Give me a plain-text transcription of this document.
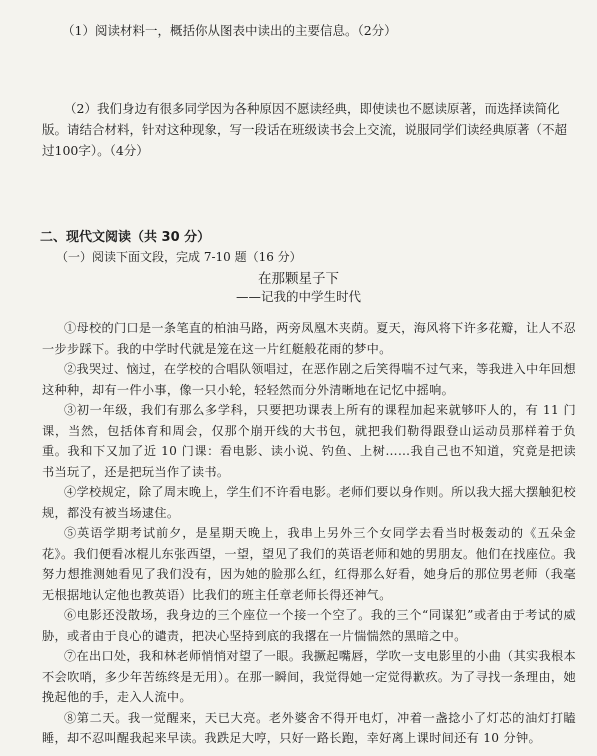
（1）阅读材料一，概括你从图表中读出的主要信息。（2分）
（2）我们身边有很多同学因为各种原因不愿读经典，即使读也不愿读原著，而选择读简化版。请结合材料，针对这种现象，写一段话在班级读书会上交流，说服同学们读经典原著（不超过100字）。（4分）
二、现代文阅读（共 30 分）
（一）阅读下面文段，完成 7-10 题（16 分）
在那颗星子下
——记我的中学生时代

①母校的门口是一条笔直的柏油马路，两旁凤凰木夹荫。夏天，海风将下许多花瓣，让人不忍一步步踩下。我的中学时代就是笼在这一片红艇般花雨的梦中。

②我哭过、恼过，在学校的合唱队领唱过，在恶作剧之后笑得喘不过气来，等我进入中年回想这种种，却有一件小事，像一只小轮，轻轻然而分外清晰地在记忆中摇响。

③初一年级，我们有那么多学科，只要把功课表上所有的课程加起来就够吓人的，有 11 门课，当然，包括体育和周会，仅那个崩开线的大书包，就把我们勒得跟登山运动员那样着于负重。我和下又加了近 10 门课：看电影、读小说、钓鱼、上树……我自己也不知道，究竟是把读书当玩了，还是把玩当作了读书。

④学校规定，除了周末晚上，学生们不许看电影。老师们要以身作则。所以我大摇大摆触犯校规，都没有被当场逮住。

⑤英语学期考试前夕，是星期天晚上，我串上另外三个女同学去看当时极轰动的《五朵金花》。我们便看冰棍儿东张西望，一望，望见了我们的英语老师和她的男朋友。他们在找座位。我努力想推测她看见了我们没有，因为她的脸那么红，红得那么好看，她身后的那位男老师（我毫无根据地认定他也教英语）比我们的班主任章老师长得还神气。

⑥电影还没散场，我身边的三个座位一个接一个空了。我的三个“同谋犯”或者由于考试的威胁，或者由于良心的谴责，把决心坚持到底的我撂在一片惴惴然的黑暗之中。

⑦在出口处，我和林老师悄悄对望了一眼。我撅起嘴唇，学吹一支电影里的小曲（其实我根本不会吹哨，多少年苦练终是无用）。在那一瞬间，我觉得她一定觉得歉疚。为了寻找一条理由，她挽起他的手，走入人流中。

⑧第二天。我一觉醒来，天已大亮。老外婆舍不得开电灯，冲着一盏捻小了灯芯的油灯打瞌睡，却不忍叫醒我起来早读。我跌足大哼，只好一路长跑，幸好离上课时间还有 10 分钟。
